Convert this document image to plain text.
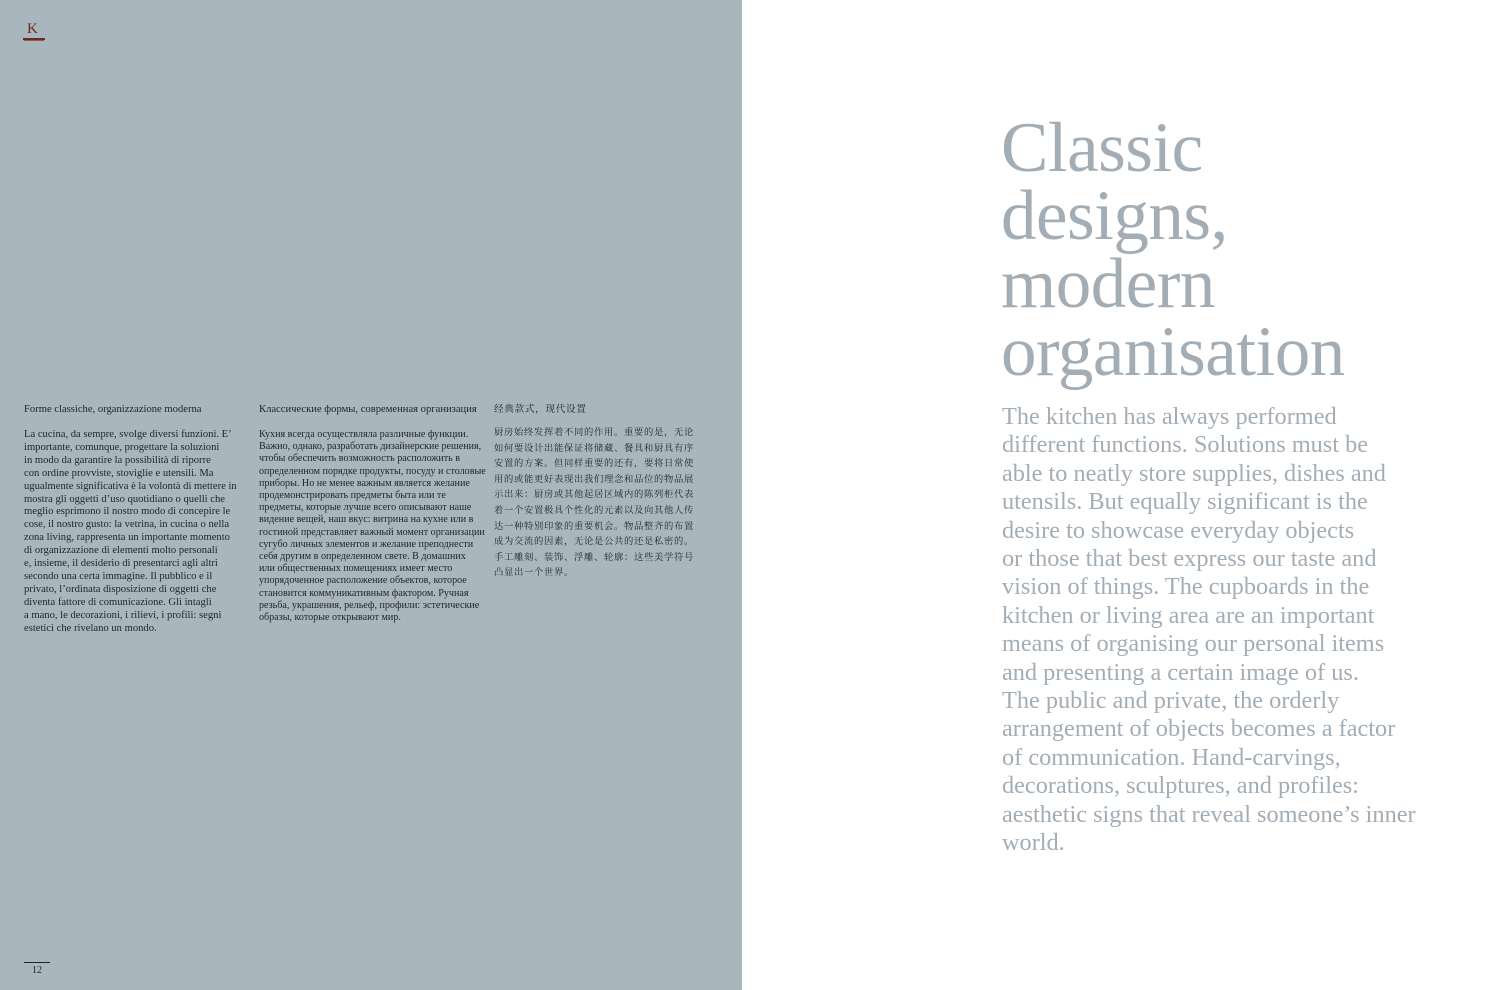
K

Forme classiche, organizzazione moderna

La cucina, da sempre, svolge diversi funzioni. E’
importante, comunque, progettare la soluzioni
in modo da garantire la possibilità di riporre
con ordine provviste, stoviglie e utensili. Ma
ugualmente significativa è la volontà di mettere in
mostra gli oggetti d’uso quotidiano o quelli che
meglio esprimono il nostro modo di concepire le
cose, il nostro gusto: la vetrina, in cucina o nella
zona living, rappresenta un importante momento
di organizzazione di elementi molto personali
e, insieme, il desiderio di presentarci agli altri
secondo una certa immagine. Il pubblico e il
privato, l’ordinata disposizione di oggetti che
diventa fattore di comunicazione. Gli intagli
a mano, le decorazioni, i rilievi, i profili: segni
estetici che rivelano un mondo.

Классические формы, современная организация

Кухня всегда осуществляла различные функции.
Важно, однако, разработать дизайнерские решения,
чтобы обеспечить возможность расположить в
определенном порядке продукты, посуду и столовые
приборы. Но не менее важным является желание
продемонстрировать предметы быта или те
предметы, которые лучше всего описывают наше
видение вещей, наш вкус: витрина на кухне или в
гостиной представляет важный момент организации
сугубо личных элементов и желание преподнести
себя другим в определенном свете. В домашних
или общественных помещениях имеет место
упорядоченное расположение объектов, которое
становится коммуникативным фактором. Ручная
резьба, украшения, рельеф, профили: эстетические
образы, которые открывают мир.

经典款式，现代设置

厨房始终发挥着不同的作用。重要的是，无论
如何要设计出能保证将储藏、餐具和厨具有序
安置的方案。但同样重要的还有，要将日常使
用的或能更好表现出我们理念和品位的物品展
示出来：厨房或其他起居区域内的陈列柜代表
着一个安置极具个性化的元素以及向其他人传
达一种特别印象的重要机会。物品整齐的布置
成为交流的因素，无论是公共的还是私密的。
手工雕刻、装饰、浮雕、轮廓：这些美学符号
凸显出一个世界。

12
Classic
designs,
modern
organisation

The kitchen has always performed
different functions. Solutions must be
able to neatly store supplies, dishes and
utensils. But equally significant is the
desire to showcase everyday objects
or those that best express our taste and
vision of things. The cupboards in the
kitchen or living area are an important
means of organising our personal items
and presenting a certain image of us.
The public and private, the orderly
arrangement of objects becomes a factor
of communication. Hand-carvings,
decorations, sculptures, and profiles:
aesthetic signs that reveal someone’s inner
world.
